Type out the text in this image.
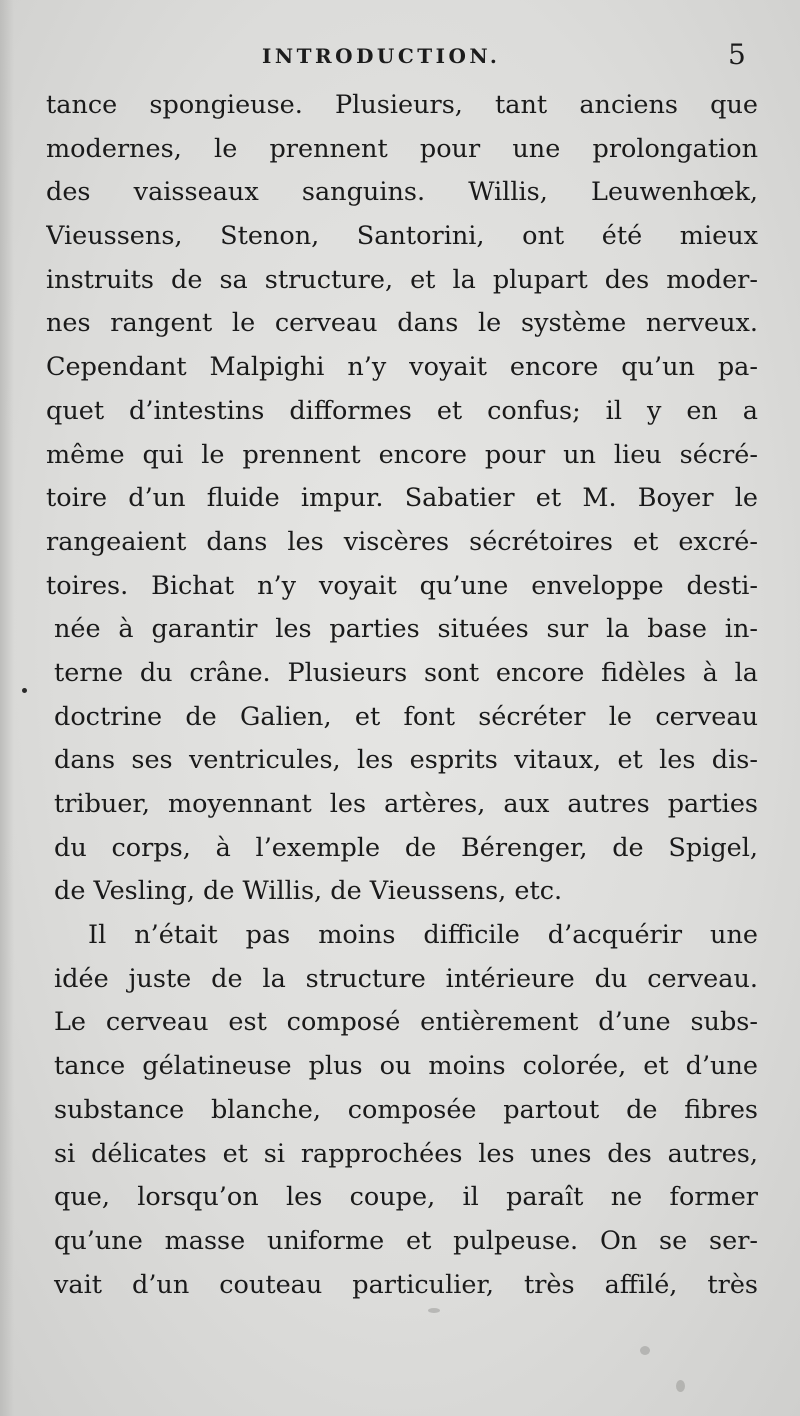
INTRODUCTION.	5
tance spongieuse. Plusieurs, tant anciens que
modernes, le prennent pour une prolongation
des vaisseaux sanguins. Willis, Leuwenhœk,
Vieussens, Stenon, Santorini, ont été mieux
instruits de sa structure, et la plupart des moder-
nes rangent le cerveau dans le système nerveux.
Cependant Malpighi n’y voyait encore qu’un pa-
quet d’intestins difformes et confus; il y en a
même qui le prennent encore pour un lieu sécré-
toire d’un fluide impur. Sabatier et M. Boyer le
rangeaient dans les viscères sécrétoires et excré-
toires. Bichat n’y voyait qu’une enveloppe desti-
née à garantir les parties situées sur la base in-
terne du crâne. Plusieurs sont encore fidèles à la
doctrine de Galien, et font sécréter le cerveau
dans ses ventricules, les esprits vitaux, et les dis-
tribuer, moyennant les artères, aux autres parties
du corps, à l’exemple de Bérenger, de Spigel,
de Vesling, de Willis, de Vieussens, etc.
Il n’était pas moins difficile d’acquérir une
idée juste de la structure intérieure du cerveau.
Le cerveau est composé entièrement d’une subs-
tance gélatineuse plus ou moins colorée, et d’une
substance blanche, composée partout de fibres
si délicates et si rapprochées les unes des autres,
que, lorsqu’on les coupe, il paraît ne former
qu’une masse uniforme et pulpeuse. On se ser-
vait d’un couteau particulier, très affilé, très
